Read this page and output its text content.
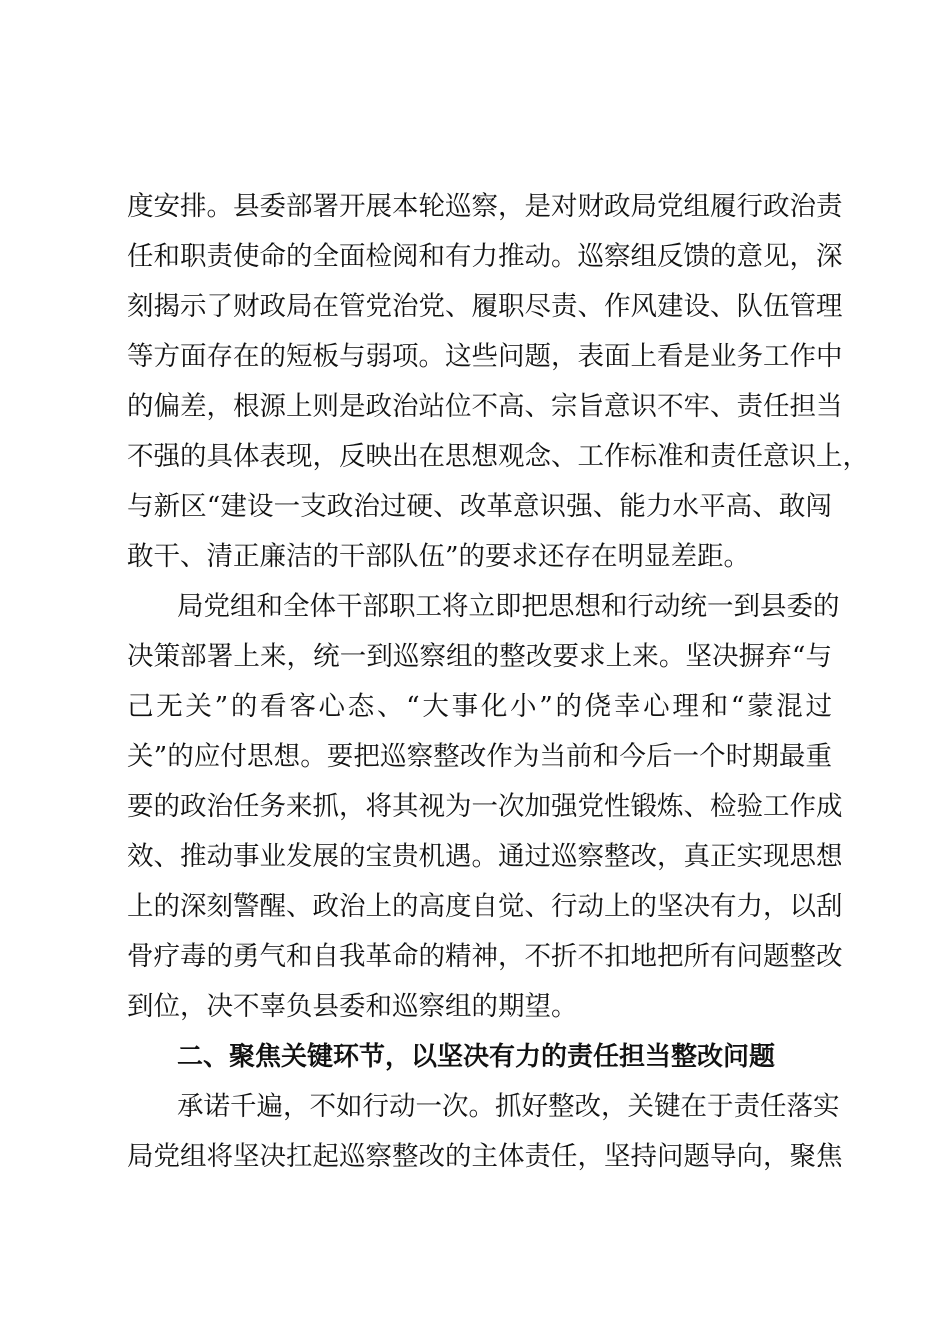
度安排。县委部署开展本轮巡察，是对财政局党组履行政治责
任和职责使命的全面检阅和有力推动。巡察组反馈的意见，深
刻揭示了财政局在管党治党、履职尽责、作风建设、队伍管理
等方面存在的短板与弱项。这些问题，表面上看是业务工作中
的偏差，根源上则是政治站位不高、宗旨意识不牢、责任担当
不强的具体表现，反映出在思想观念、工作标准和责任意识上，
与新区“建设一支政治过硬、改革意识强、能力水平高、敢闯
敢干、清正廉洁的干部队伍”的要求还存在明显差距。
局党组和全体干部职工将立即把思想和行动统一到县委的
决策部署上来，统一到巡察组的整改要求上来。坚决摒弃“与
己无关”的看客心态、“大事化小”的侥幸心理和“蒙混过
关”的应付思想。要把巡察整改作为当前和今后一个时期最重
要的政治任务来抓，将其视为一次加强党性锻炼、检验工作成
效、推动事业发展的宝贵机遇。通过巡察整改，真正实现思想
上的深刻警醒、政治上的高度自觉、行动上的坚决有力，以刮
骨疗毒的勇气和自我革命的精神，不折不扣地把所有问题整改
到位，决不辜负县委和巡察组的期望。
二、聚焦关键环节，以坚决有力的责任担当整改问题
承诺千遍，不如行动一次。抓好整改，关键在于责任落实
局党组将坚决扛起巡察整改的主体责任，坚持问题导向，聚焦
